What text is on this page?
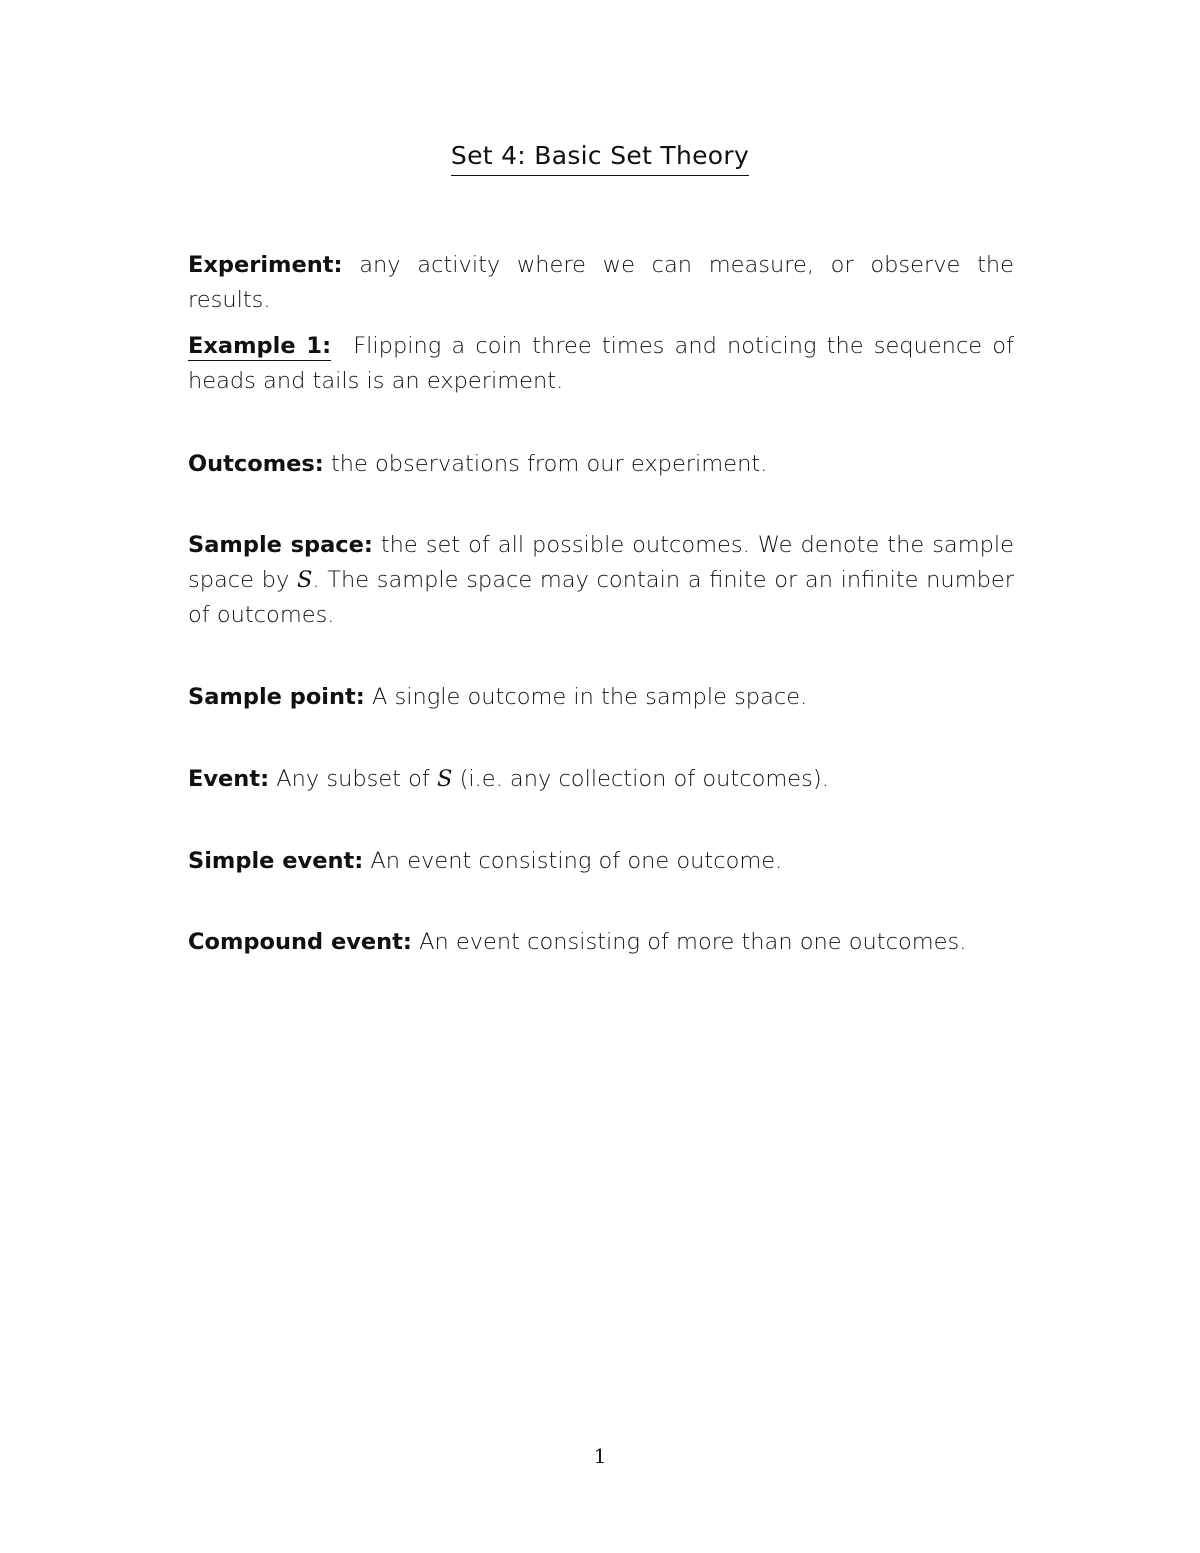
Set 4: Basic Set Theory

Experiment: any activity where we can measure, or observe the results.

Example 1: Flipping a coin three times and noticing the sequence of heads and tails is an experiment.

Outcomes: the observations from our experiment.

Sample space: the set of all possible outcomes. We denote the sample space by S. The sample space may contain a finite or an infinite number of outcomes.

Sample point: A single outcome in the sample space.

Event: Any subset of S (i.e. any collection of outcomes).

Simple event: An event consisting of one outcome.

Compound event: An event consisting of more than one outcomes.

1
